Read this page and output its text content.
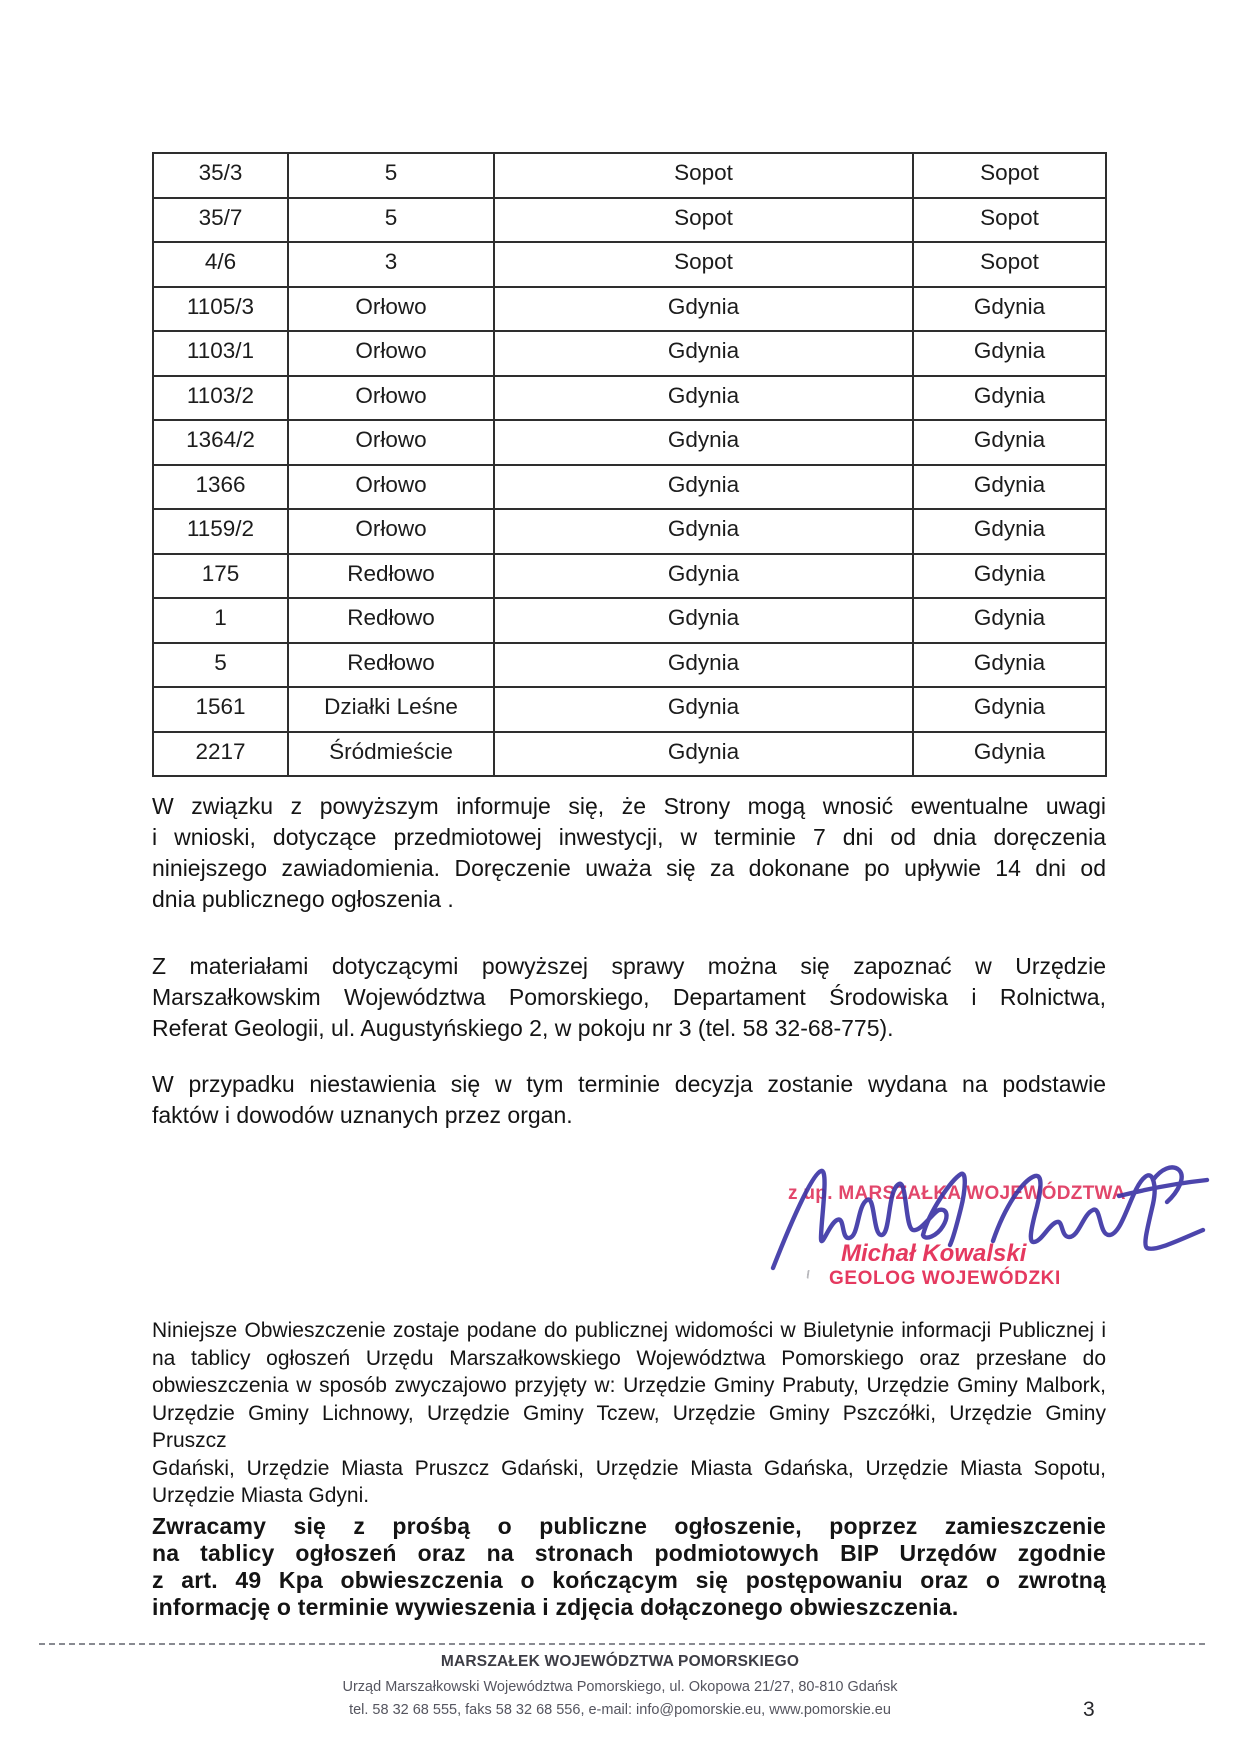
35/3	5	Sopot	Sopot
35/7	5	Sopot	Sopot
4/6	3	Sopot	Sopot
1105/3	Orłowo	Gdynia	Gdynia
1103/1	Orłowo	Gdynia	Gdynia
1103/2	Orłowo	Gdynia	Gdynia
1364/2	Orłowo	Gdynia	Gdynia
1366	Orłowo	Gdynia	Gdynia
1159/2	Orłowo	Gdynia	Gdynia
175	Redłowo	Gdynia	Gdynia
1	Redłowo	Gdynia	Gdynia
5	Redłowo	Gdynia	Gdynia
1561	Działki Leśne	Gdynia	Gdynia
2217	Śródmieście	Gdynia	Gdynia
W związku z powyższym informuje się, że Strony mogą wnosić ewentualne uwagi
i wnioski, dotyczące przedmiotowej inwestycji, w terminie 7 dni od dnia doręczenia
niniejszego zawiadomienia. Doręczenie uważa się za dokonane po upływie 14 dni od
dnia publicznego ogłoszenia .
Z materiałami dotyczącymi powyższej sprawy można się zapoznać w Urzędzie
Marszałkowskim Województwa Pomorskiego, Departament Środowiska i Rolnictwa,
Referat Geologii, ul. Augustyńskiego 2, w pokoju nr 3 (tel. 58 32-68-775).
W przypadku niestawienia się w tym terminie decyzja zostanie wydana na podstawie
faktów i dowodów uznanych przez organ.
z up. MARSZAŁKA WOJEWÓDZTWA
Michał Kowalski
GEOLOG WOJEWÓDZKI
Niniejsze Obwieszczenie zostaje podane do publicznej widomości w Biuletynie informacji Publicznej i
na tablicy ogłoszeń Urzędu Marszałkowskiego Województwa Pomorskiego oraz przesłane do
obwieszczenia w sposób zwyczajowo przyjęty w: Urzędzie Gminy Prabuty, Urzędzie Gminy Malbork,
Urzędzie Gminy Lichnowy, Urzędzie Gminy Tczew, Urzędzie Gminy Pszczółki, Urzędzie Gminy Pruszcz
Gdański, Urzędzie Miasta Pruszcz Gdański, Urzędzie Miasta Gdańska, Urzędzie Miasta Sopotu,
Urzędzie Miasta Gdyni.
Zwracamy się z prośbą o publiczne ogłoszenie, poprzez zamieszczenie
na tablicy ogłoszeń oraz na stronach podmiotowych BIP Urzędów zgodnie
z art. 49 Kpa obwieszczenia o kończącym się postępowaniu oraz o zwrotną
informację o terminie wywieszenia i zdjęcia dołączonego obwieszczenia.
MARSZAŁEK WOJEWÓDZTWA POMORSKIEGO
Urząd Marszałkowski Województwa Pomorskiego, ul. Okopowa 21/27, 80-810 Gdańsk
tel. 58 32 68 555, faks 58 32 68 556, e-mail: info@pomorskie.eu, www.pomorskie.eu	3
